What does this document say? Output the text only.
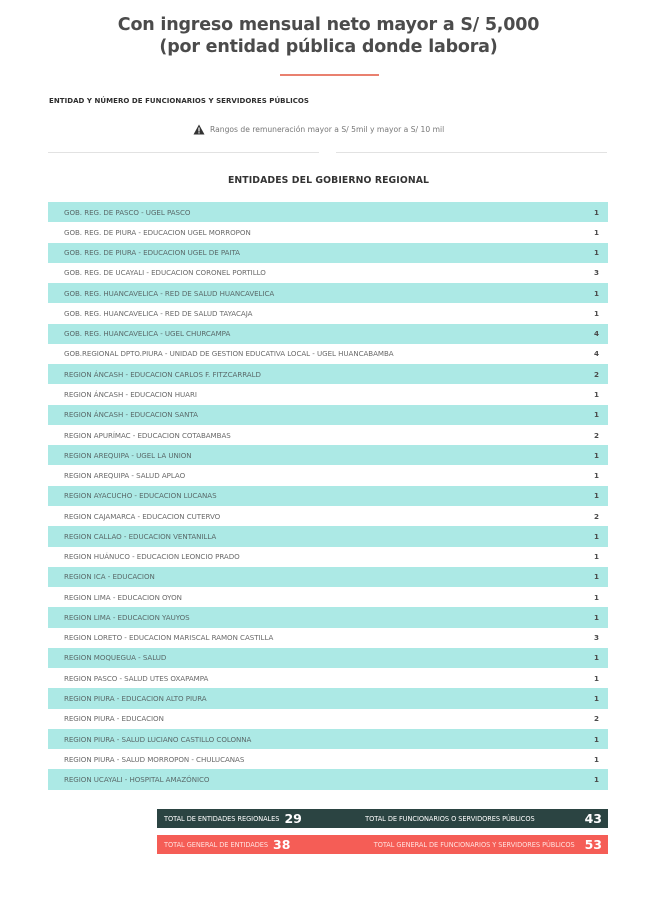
Con ingreso mensual neto mayor a S/ 5,000
(por entidad pública donde labora)
ENTIDAD Y NÚMERO DE FUNCIONARIOS Y SERVIDORES PÚBLICOS
Rangos de remuneración mayor a S/ 5mil y mayor a S/ 10 mil
ENTIDADES DEL GOBIERNO REGIONAL
GOB. REG. DE PASCO - UGEL PASCO	1
GOB. REG. DE PIURA - EDUCACION UGEL MORROPON	1
GOB. REG. DE PIURA - EDUCACION UGEL DE PAITA	1
GOB. REG. DE UCAYALI - EDUCACION CORONEL PORTILLO	3
GOB. REG. HUANCAVELICA - RED DE SALUD HUANCAVELICA	1
GOB. REG. HUANCAVELICA - RED DE SALUD TAYACAJA	1
GOB. REG. HUANCAVELICA - UGEL CHURCAMPA	4
GOB.REGIONAL DPTO.PIURA - UNIDAD DE GESTION EDUCATIVA LOCAL - UGEL HUANCABAMBA	4
REGION ÁNCASH - EDUCACION CARLOS F. FITZCARRALD	2
REGION ÁNCASH - EDUCACION HUARI	1
REGION ÁNCASH - EDUCACION SANTA	1
REGION APURÍMAC - EDUCACION COTABAMBAS	2
REGION AREQUIPA - UGEL LA UNION	1
REGION AREQUIPA - SALUD APLAO	1
REGION AYACUCHO - EDUCACION LUCANAS	1
REGION CAJAMARCA - EDUCACION CUTERVO	2
REGION CALLAO - EDUCACION VENTANILLA	1
REGION HUÁNUCO - EDUCACION LEONCIO PRADO	1
REGION ICA - EDUCACION	1
REGION LIMA - EDUCACION OYON	1
REGION LIMA - EDUCACION YAUYOS	1
REGION LORETO - EDUCACION MARISCAL RAMON CASTILLA	3
REGION MOQUEGUA - SALUD	1
REGION PASCO - SALUD UTES OXAPAMPA	1
REGION PIURA - EDUCACION ALTO PIURA	1
REGION PIURA - EDUCACION	2
REGION PIURA - SALUD LUCIANO CASTILLO COLONNA	1
REGION PIURA - SALUD MORROPON - CHULUCANAS	1
REGION UCAYALI - HOSPITAL AMAZÓNICO	1
TOTAL DE ENTIDADES REGIONALES 29	TOTAL DE FUNCIONARIOS O SERVIDORES PÚBLICOS	43
TOTAL GENERAL DE ENTIDADES 38	TOTAL GENERAL DE FUNCIONARIOS Y SERVIDORES PÚBLICOS 53
